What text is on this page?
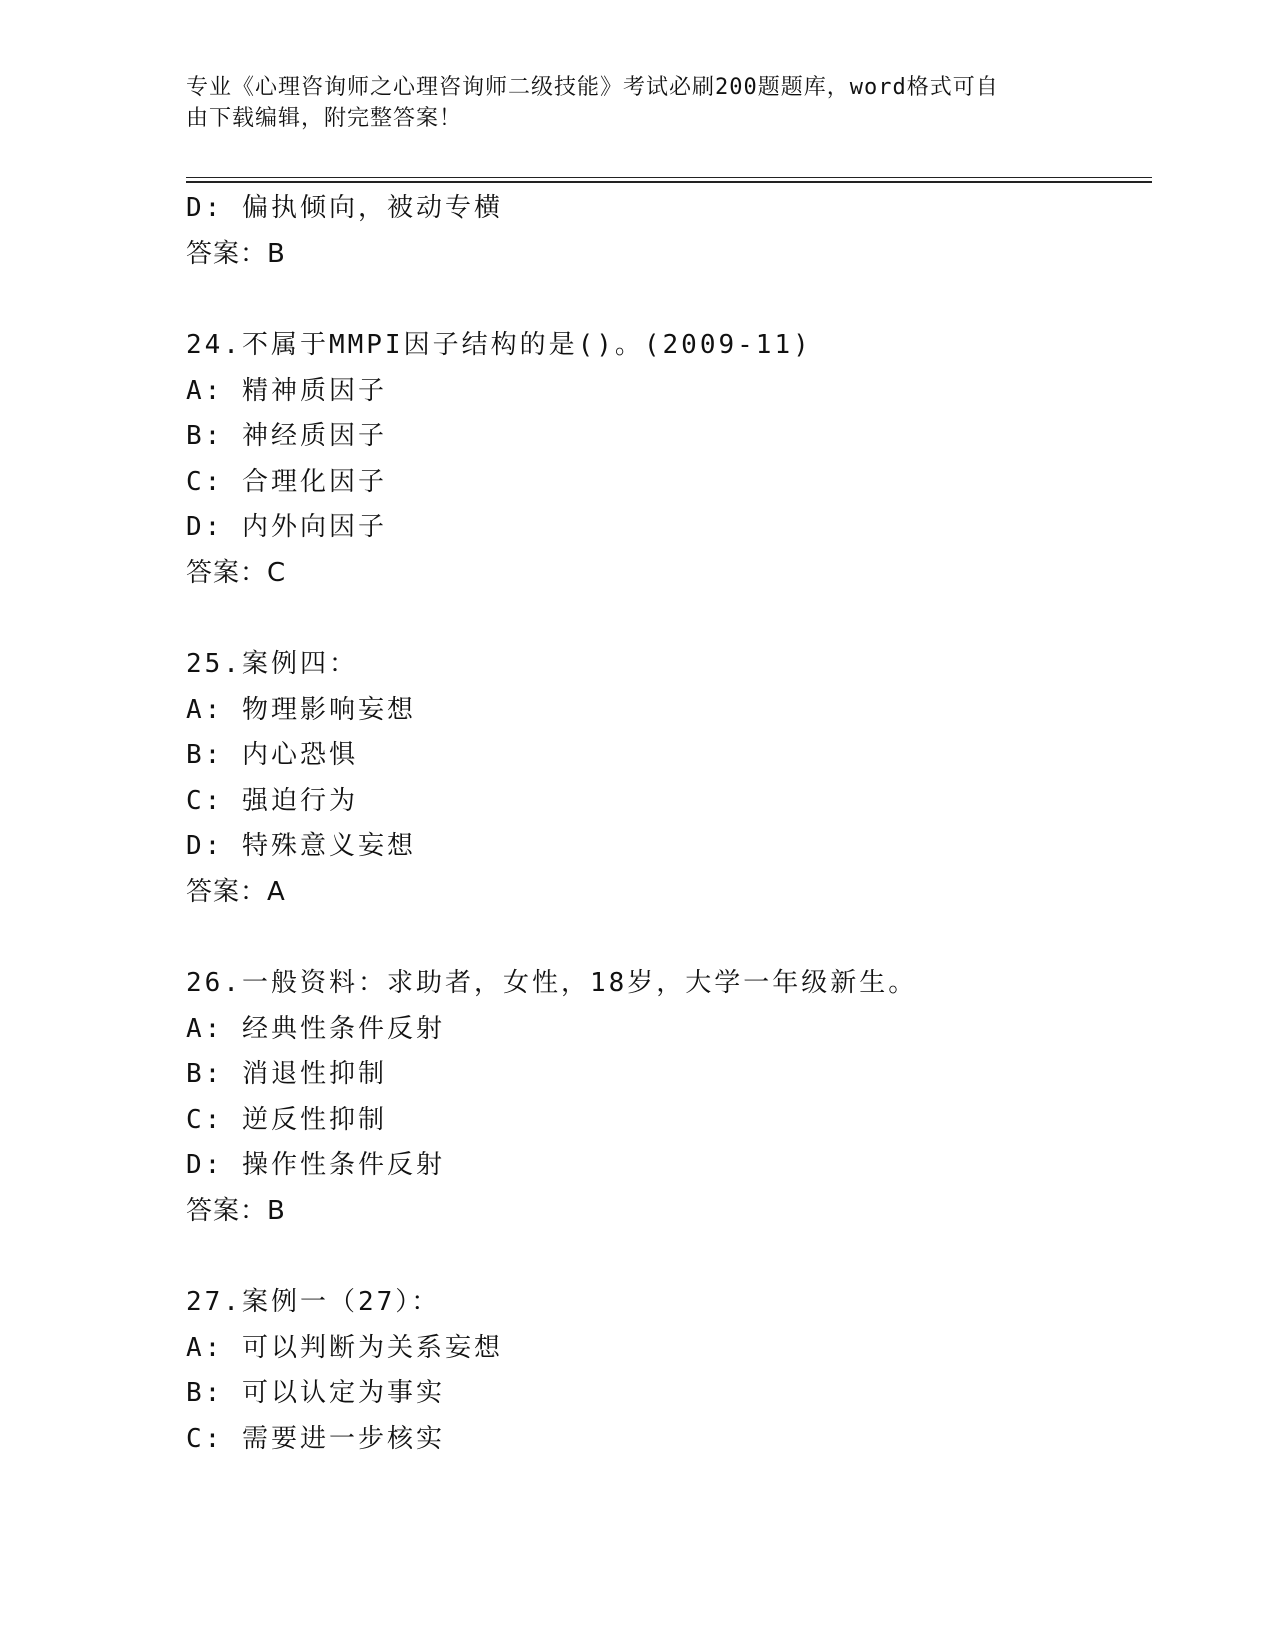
专业《心理咨询师之心理咨询师二级技能》考试必刷200题题库，word格式可自
由下载编辑，附完整答案！
D: 偏执倾向，被动专横
答案：B
24.不属于MMPI因子结构的是()。(2009-11)
A: 精神质因子
B: 神经质因子
C: 合理化因子
D: 内外向因子
答案：C
25.案例四：
A: 物理影响妄想
B: 内心恐惧
C: 强迫行为
D: 特殊意义妄想
答案：A
26.一般资料：求助者，女性，18岁，大学一年级新生。
A: 经典性条件反射
B: 消退性抑制
C: 逆反性抑制
D: 操作性条件反射
答案：B
27.案例一（27）：
A: 可以判断为关系妄想
B: 可以认定为事实
C: 需要进一步核实
